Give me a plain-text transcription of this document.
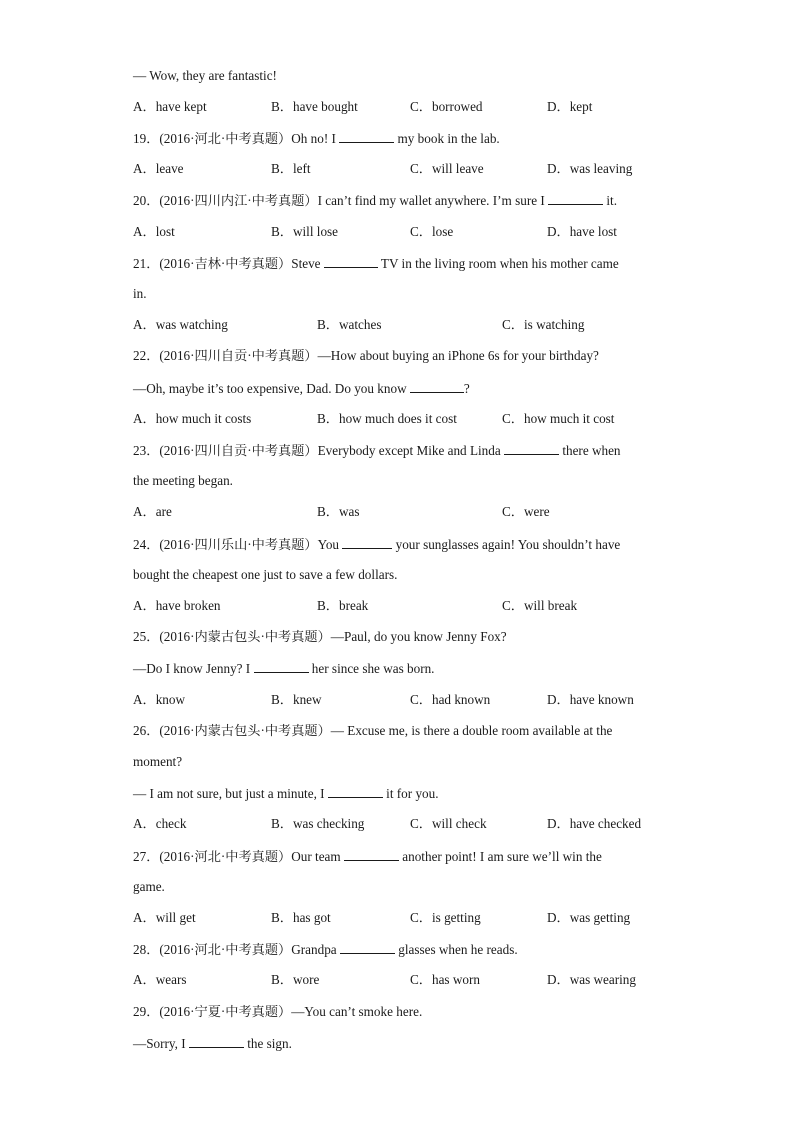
— Wow, they are fantastic!
A．have kept	B．have bought	C．borrowed	D．kept
19．(2016·河北·中考真题）Oh no! I	my book in the lab.
A．leave	B．left	C．will leave	D．was leaving
20．(2016·四川内江·中考真题）I can’t find my wallet anywhere. I’m sure I	it.
A．lost	B．will lose	C．lose	D．have lost
21．(2016·吉林·中考真题）Steve	TV in the living room when his mother came
in.
A．was watching	B．watches	C．is watching
22．(2016·四川自贡·中考真题）—How about buying an iPhone 6s for your birthday?
—Oh, maybe it’s too expensive, Dad. Do you know	?
A．how much it costs	B．how much does it cost	C．how much it cost
23．(2016·四川自贡·中考真题）Everybody except Mike and Linda	there when
the meeting began.
A．are	B．was	C．were
24．(2016·四川乐山·中考真题）You	your sunglasses again! You shouldn’t have
bought the cheapest one just to save a few dollars.
A．have broken	B．break	C．will break
25．(2016·内蒙古包头·中考真题）—Paul, do you know Jenny Fox?
—Do I know Jenny? I	her since she was born.
A．know	B．knew	C．had known	D．have known
26．(2016·内蒙古包头·中考真题）— Excuse me, is there a double room available at the
moment?
— I am not sure, but just a minute, I	it for you.
A．check	B．was checking	C．will check	D．have checked
27．(2016·河北·中考真题）Our team	another point! I am sure we’ll win the
game.
A．will get	B．has got	C．is getting	D．was getting
28．(2016·河北·中考真题）Grandpa	glasses when he reads.
A．wears	B．wore	C．has worn	D．was wearing
29．(2016·宁夏·中考真题）—You can’t smoke here.
—Sorry, I	the sign.
